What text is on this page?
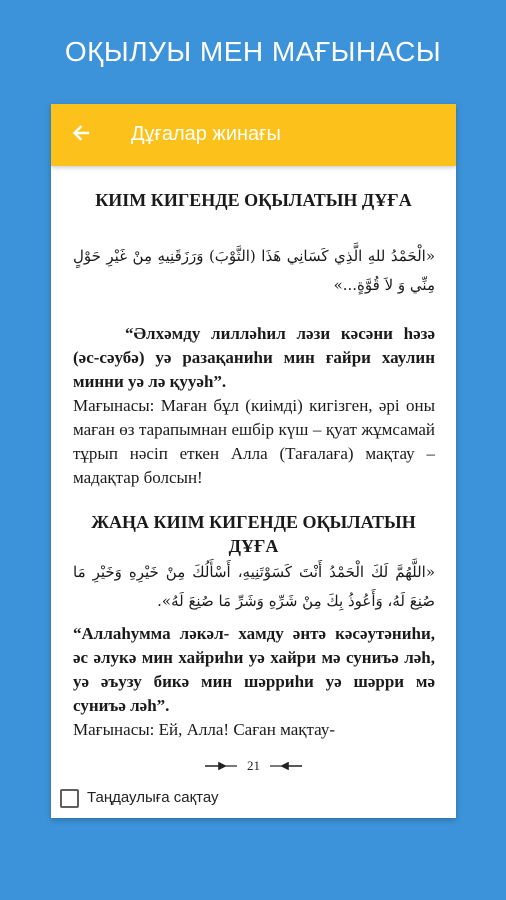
ОҚЫЛУЫ МЕН МАҒЫНАСЫ
Дұғалар жинағы
КИІМ КИГЕНДЕ ОҚЫЛАТЫН ДҰҒА
«الْحَمْدُ للهِ الَّذِي كَسَانِي هَذَا (الثَّوْبَ) وَرَزَقَنِيهِ مِنْ غَيْرِ حَوْلٍ مِنِّي وَ لاَ قُوَّةٍ...»
“Әлхәмду лилләһил ләзи кәсәни һәзә (әс-сәубә) уә разақаниһи мин ғайри хаулин минни уә лә қууәһ”.
Мағынасы: Маған бұл (киімді) кигізген, әрі оны маған өз тарапымнан ешбір күш – қуат жұмсамай тұрып нәсіп еткен Алла (Тағалаға) мақтау – мадақтар болсын!
ЖАҢА КИІМ КИГЕНДЕ ОҚЫЛАТЫН ДҰҒА
«اللَّهُمَّ لَكَ الْحَمْدُ أَنْتَ كَسَوْتَنِيهِ، أَسْأَلُكَ مِنْ خَيْرِهِ وَخَيْرِ مَا صُنِعَ لَهُ، وَأَعُوذُ بِكَ مِنْ شَرِّهِ وَشَرِّ مَا صُنِعَ لَهُ».
“Аллаһумма ләкәл- хамду әнтә кәсәутәниһи, әс әлукә мин хайриһи уә хайри мә суниъә ләһ, уә әъузу бикә мин шәрриһи уә шәрри мә суниъә ләһ”.
Мағынасы: Ей, Алла! Саған мақтау-
21
Таңдаулыға сақтау
